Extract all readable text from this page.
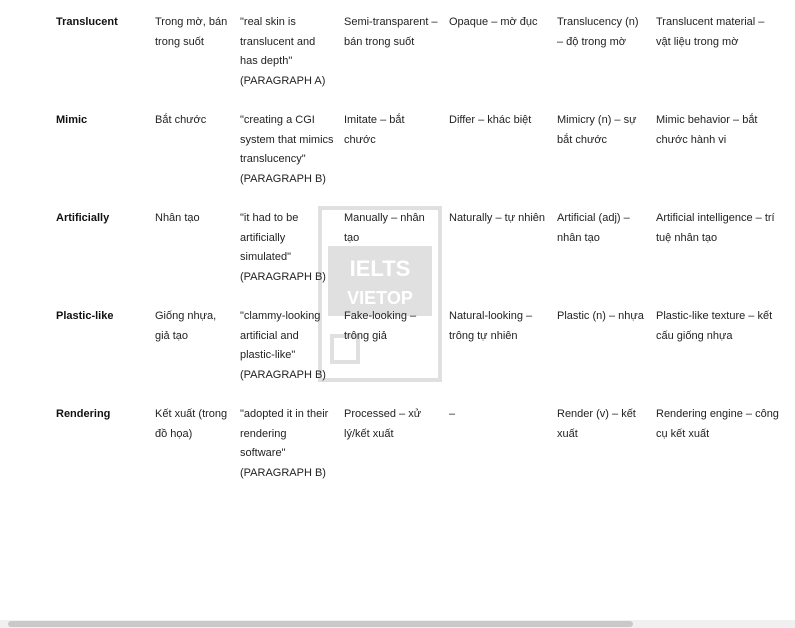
Translucent	Trong mờ, bán trong suốt	"real skin is translucent and has depth" (PARAGRAPH A)	Semi-transparent – bán trong suốt	Opaque – mờ đục	Translucency (n) – độ trong mờ	Translucent material – vật liệu trong mờ
Mimic	Bắt chước	"creating a CGI system that mimics translucency" (PARAGRAPH B)	Imitate – bắt chước	Differ – khác biệt	Mimicry (n) – sự bắt chước	Mimic behavior – bắt chước hành vi
Artificially	Nhân tạo	"it had to be artificially simulated" (PARAGRAPH B)	Manually – nhân tạo	Naturally – tự nhiên	Artificial (adj) – nhân tạo	Artificial intelligence – trí tuệ nhân tạo
Plastic-like	Giống nhựa, giả tạo	"clammy-looking artificial and plastic-like" (PARAGRAPH B)	Fake-looking – trông giả	Natural-looking – trông tự nhiên	Plastic (n) – nhựa	Plastic-like texture – kết cấu giống nhựa
Rendering	Kết xuất (trong đồ họa)	"adopted it in their rendering software" (PARAGRAPH B)	Processed – xử lý/kết xuất	–	Render (v) – kết xuất	Rendering engine – công cụ kết xuất
IELTS
VIETOP
